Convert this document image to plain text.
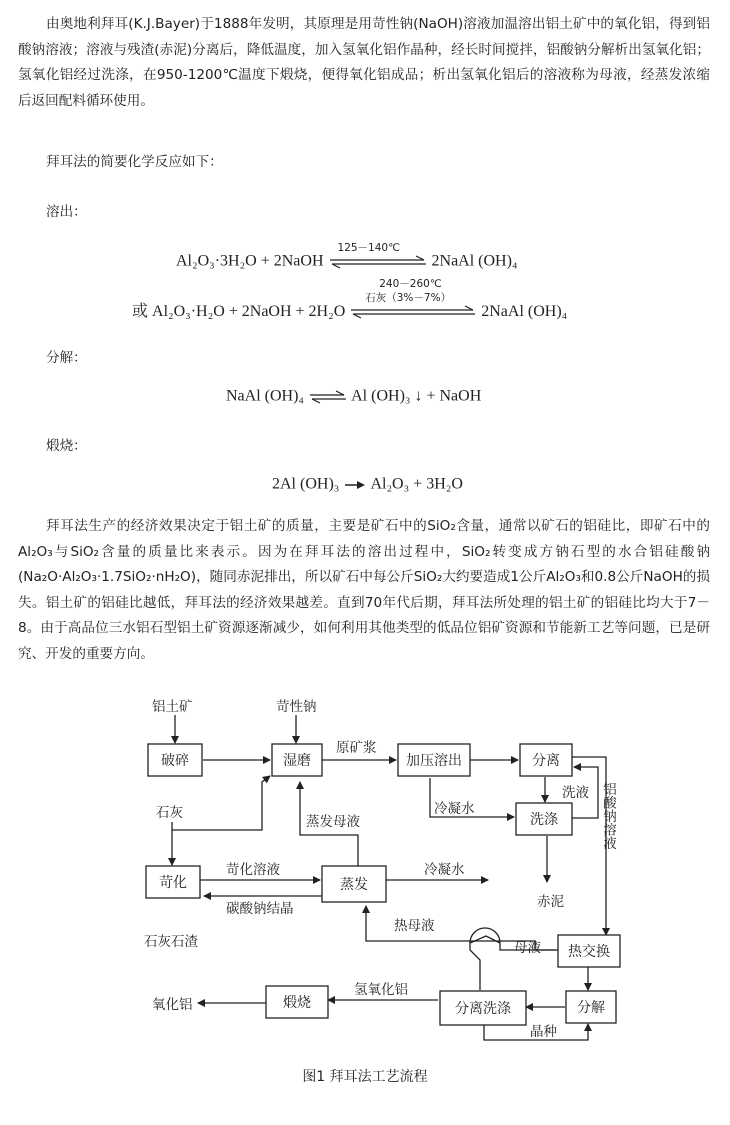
由奥地利拜耳(K.J.Bayer)于1888年发明，其原理是用苛性钠(NaOH)溶液加温溶出铝土矿中的氧化铝，得到铝酸钠溶液；溶液与残渣(赤泥)分离后，降低温度，加入氢氧化铝作晶种，经长时间搅拌，铝酸钠分解析出氢氧化铝；氢氧化铝经过洗涤，在950-1200℃温度下煅烧，便得氧化铝成品；析出氢氧化铝后的溶液称为母液，经蒸发浓缩后返回配料循环使用。
拜耳法的简要化学反应如下：
溶出：
Al₂O₃·3H₂O + 2NaOH
125－140℃
2NaAl (OH)₄
或 Al₂O₃·H₂O + 2NaOH + 2H₂O
240－260℃
石灰（3%－7%）
2NaAl (OH)₄
分解：
NaAl (OH)₄	Al (OH)₃ ↓ + NaOH
煅烧：
2Al (OH)₃ Al₂O₃ + 3H₂O
拜耳法生产的经济效果决定于铝土矿的质量，主要是矿石中的SiO₂含量，通常以矿石的铝硅比，即矿石中的Al₂O₃与SiO₂含量的质量比来表示。因为在拜耳法的溶出过程中，SiO₂转变成方钠石型的水合铝硅酸钠(Na₂O·Al₂O₃·1.7SiO₂·nH₂O)，随同赤泥排出，所以矿石中每公斤SiO₂大约要造成1公斤Al₂O₃和0.8公斤NaOH的损失。铝土矿的铝硅比越低，拜耳法的经济效果越差。直到70年代后期，拜耳法所处理的铝土矿的铝硅比均大于7－8。由于高品位三水铝石型铝土矿资源逐渐减少，如何利用其他类型的低品位铝矿资源和节能新工艺等问题，已是研究、开发的重要方向。
破碎	湿磨	加压溶出	分离
洗涤
苛化	蒸发
热交换
分解
分离洗涤
煅烧
铝土矿	苛性钠
石灰
原矿浆
冷凝水
洗液
蒸发母液
苛化溶液	冷凝水
碳酸钠结晶	赤泥
石灰石渣
热母液
母液
氢氧化铝
氧化铝
晶种
铝酸钠溶液
图1 拜耳法工艺流程
